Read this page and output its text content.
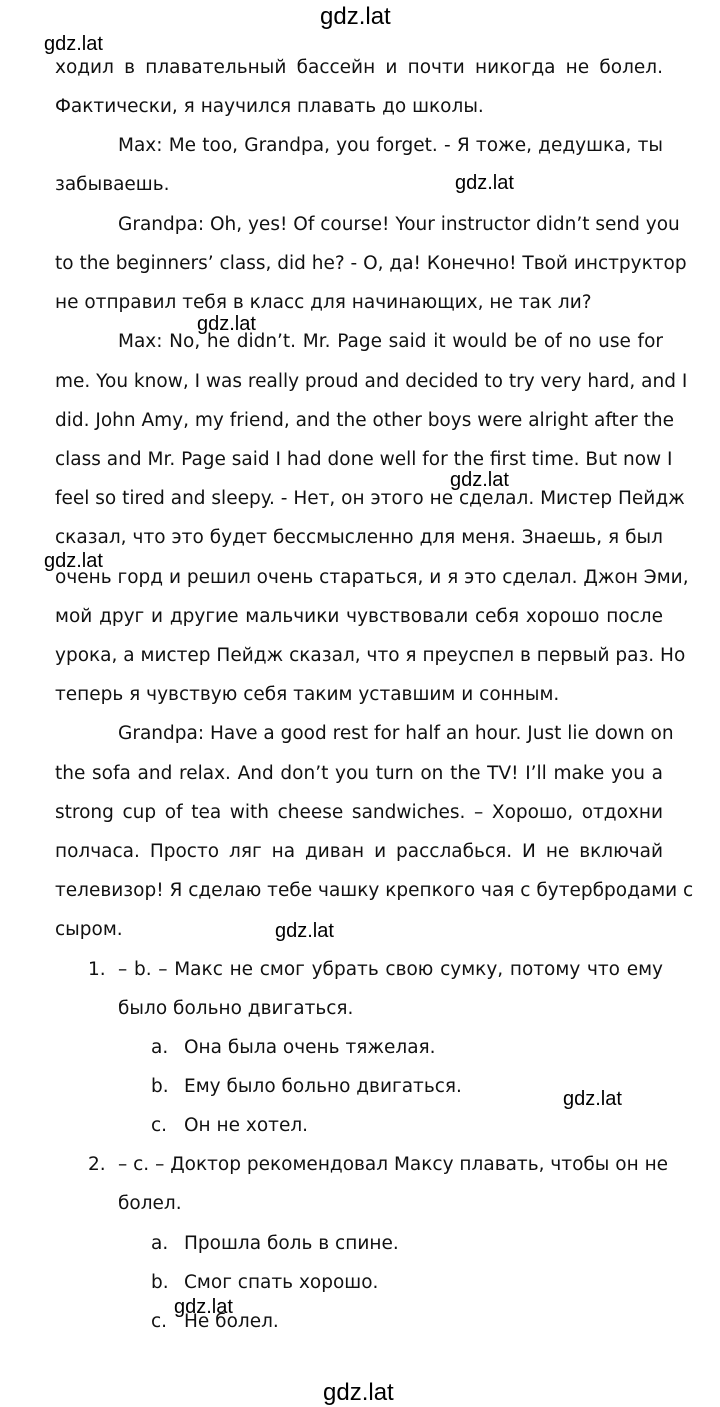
gdz.lat
gdz.lat
gdz.lat
gdz.lat
gdz.lat
gdz.lat
gdz.lat
gdz.lat
gdz.lat
gdz.lat
ходил в плавательный бассейн и почти никогда не болел.
Фактически, я научился плавать до школы.
Max: Me too, Grandpa, you forget. - Я тоже, дедушка, ты
забываешь.
Grandpa: Oh, yes! Of course! Your instructor didn’t send you
to the beginners’ class, did he? - О, да! Конечно! Твой инструктор
не отправил тебя в класс для начинающих, не так ли?
Max: No, he didn’t. Mr. Page said it would be of no use for
me. You know, I was really proud and decided to try very hard, and I
did. John Amy, my friend, and the other boys were alright after the
class and Mr. Page said I had done well for the first time. But now I
feel so tired and sleepy. - Нет, он этого не сделал. Мистер Пейдж
сказал, что это будет бессмысленно для меня. Знаешь, я был
очень горд и решил очень стараться, и я это сделал. Джон Эми,
мой друг и другие мальчики чувствовали себя хорошо после
урока, а мистер Пейдж сказал, что я преуспел в первый раз. Но
теперь я чувствую себя таким уставшим и сонным.
Grandpa: Have a good rest for half an hour. Just lie down on
the sofa and relax. And don’t you turn on the TV! I’ll make you a
strong cup of tea with cheese sandwiches. – Хорошо, отдохни
полчаса. Просто ляг на диван и расслабься. И не включай
телевизор! Я сделаю тебе чашку крепкого чая с бутербродами с
сыром.
1. – b. – Макс не смог убрать свою сумку, потому что ему
было больно двигаться.
a. Она была очень тяжелая.
b. Ему было больно двигаться.
c. Он не хотел.
2. – c. – Доктор рекомендовал Максу плавать, чтобы он не
болел.
a. Прошла боль в спине.
b. Смог спать хорошо.
c. Не болел.
